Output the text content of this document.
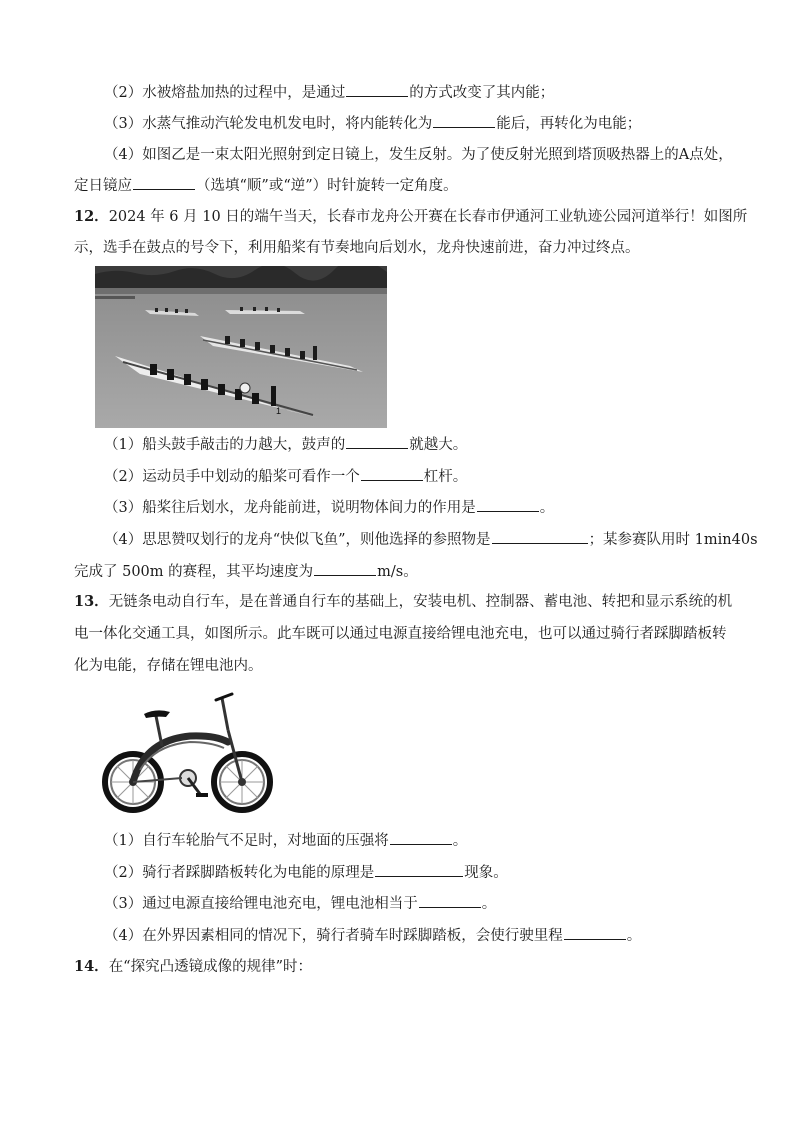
（2）水被熔盐加热的过程中，是通过	的方式改变了其内能；
（3）水蒸气推动汽轮发电机发电时，将内能转化为	能后，再转化为电能；
（4）如图乙是一束太阳光照射到定日镜上，发生反射。为了使反射光照到塔顶吸热器上的A点处，
定日镜应	（选填“顺”或“逆”）时针旋转一定角度。
12．2024 年 6 月 10 日的端午当天，长春市龙舟公开赛在长春市伊通河工业轨迹公园河道举行！如图所
示，选手在鼓点的号令下，利用船桨有节奏地向后划水，龙舟快速前进，奋力冲过终点。
1
（1）船头鼓手敲击的力越大，鼓声的	就越大。
（2）运动员手中划动的船桨可看作一个	杠杆。
（3）船桨往后划水，龙舟能前进，说明物体间力的作用是	。
（4）思思赞叹划行的龙舟“快似飞鱼”，则他选择的参照物是	；某参赛队用时 1min40s
完成了 500m 的赛程，其平均速度为	m/s。
13．无链条电动自行车，是在普通自行车的基础上，安装电机、控制器、蓄电池、转把和显示系统的机
电一体化交通工具，如图所示。此车既可以通过电源直接给锂电池充电，也可以通过骑行者踩脚踏板转
化为电能，存储在锂电池内。
（1）自行车轮胎气不足时，对地面的压强将	。
（2）骑行者踩脚踏板转化为电能的原理是	现象。
（3）通过电源直接给锂电池充电，锂电池相当于	。
（4）在外界因素相同的情况下，骑行者骑车时踩脚踏板，会使行驶里程	。
14．在“探究凸透镜成像的规律”时：
